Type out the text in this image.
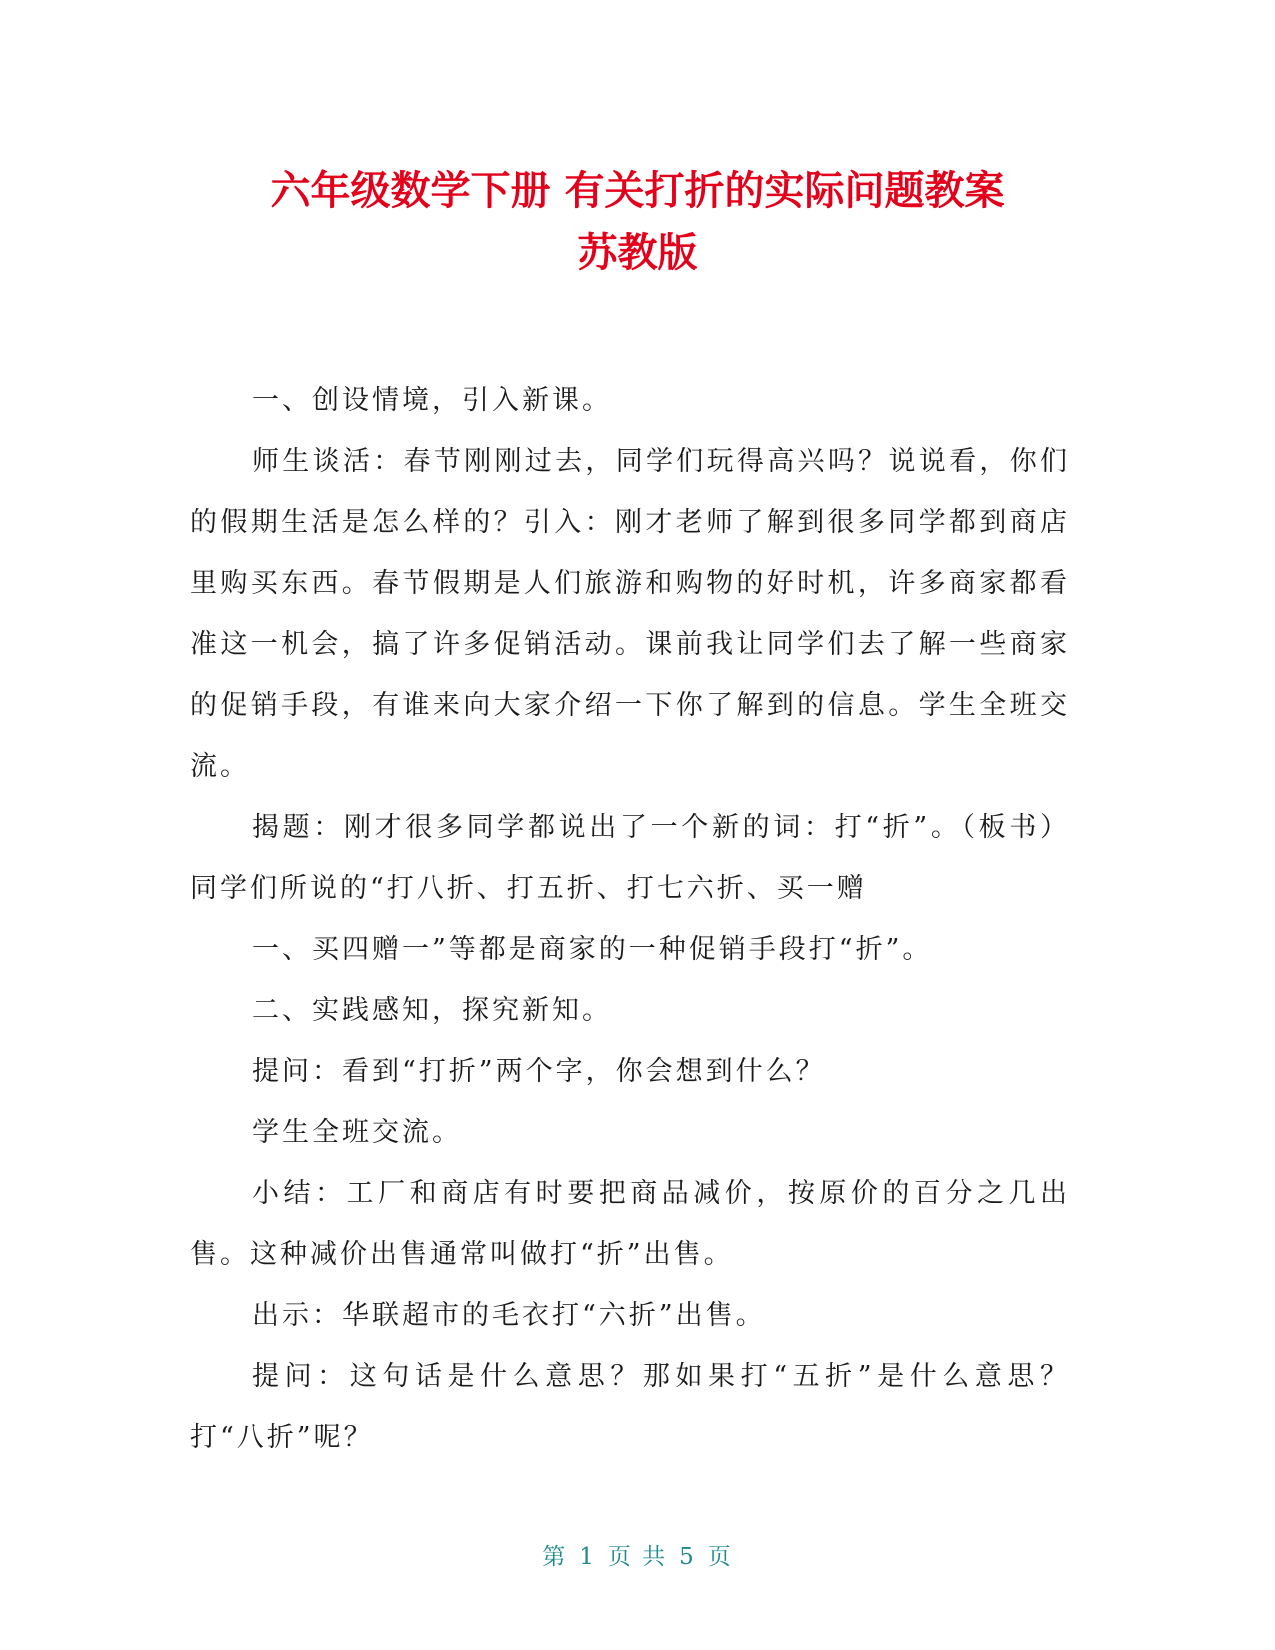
六年级数学下册 有关打折的实际问题教案
苏教版

一、创设情境，引入新课。

师生谈活：春节刚刚过去，同学们玩得高兴吗？说说看，你们的假期生活是怎么样的？引入：刚才老师了解到很多同学都到商店里购买东西。春节假期是人们旅游和购物的好时机，许多商家都看准这一机会，搞了许多促销活动。课前我让同学们去了解一些商家的促销手段，有谁来向大家介绍一下你了解到的信息。学生全班交流。

揭题：刚才很多同学都说出了一个新的词：打“折”。（板书） 同学们所说的“打八折、打五折、打七六折、买一赠

一、买四赠一”等都是商家的一种促销手段打“折”。

二、实践感知，探究新知。

提问：看到“打折”两个字，你会想到什么？

学生全班交流。

小结：工厂和商店有时要把商品减价，按原价的百分之几出售。这种减价出售通常叫做打“折”出售。

出示：华联超市的毛衣打“六折”出售。

提问：这句话是什么意思？那如果打“五折”是什么意思？打“八折”呢？

第 1 页 共 5 页
